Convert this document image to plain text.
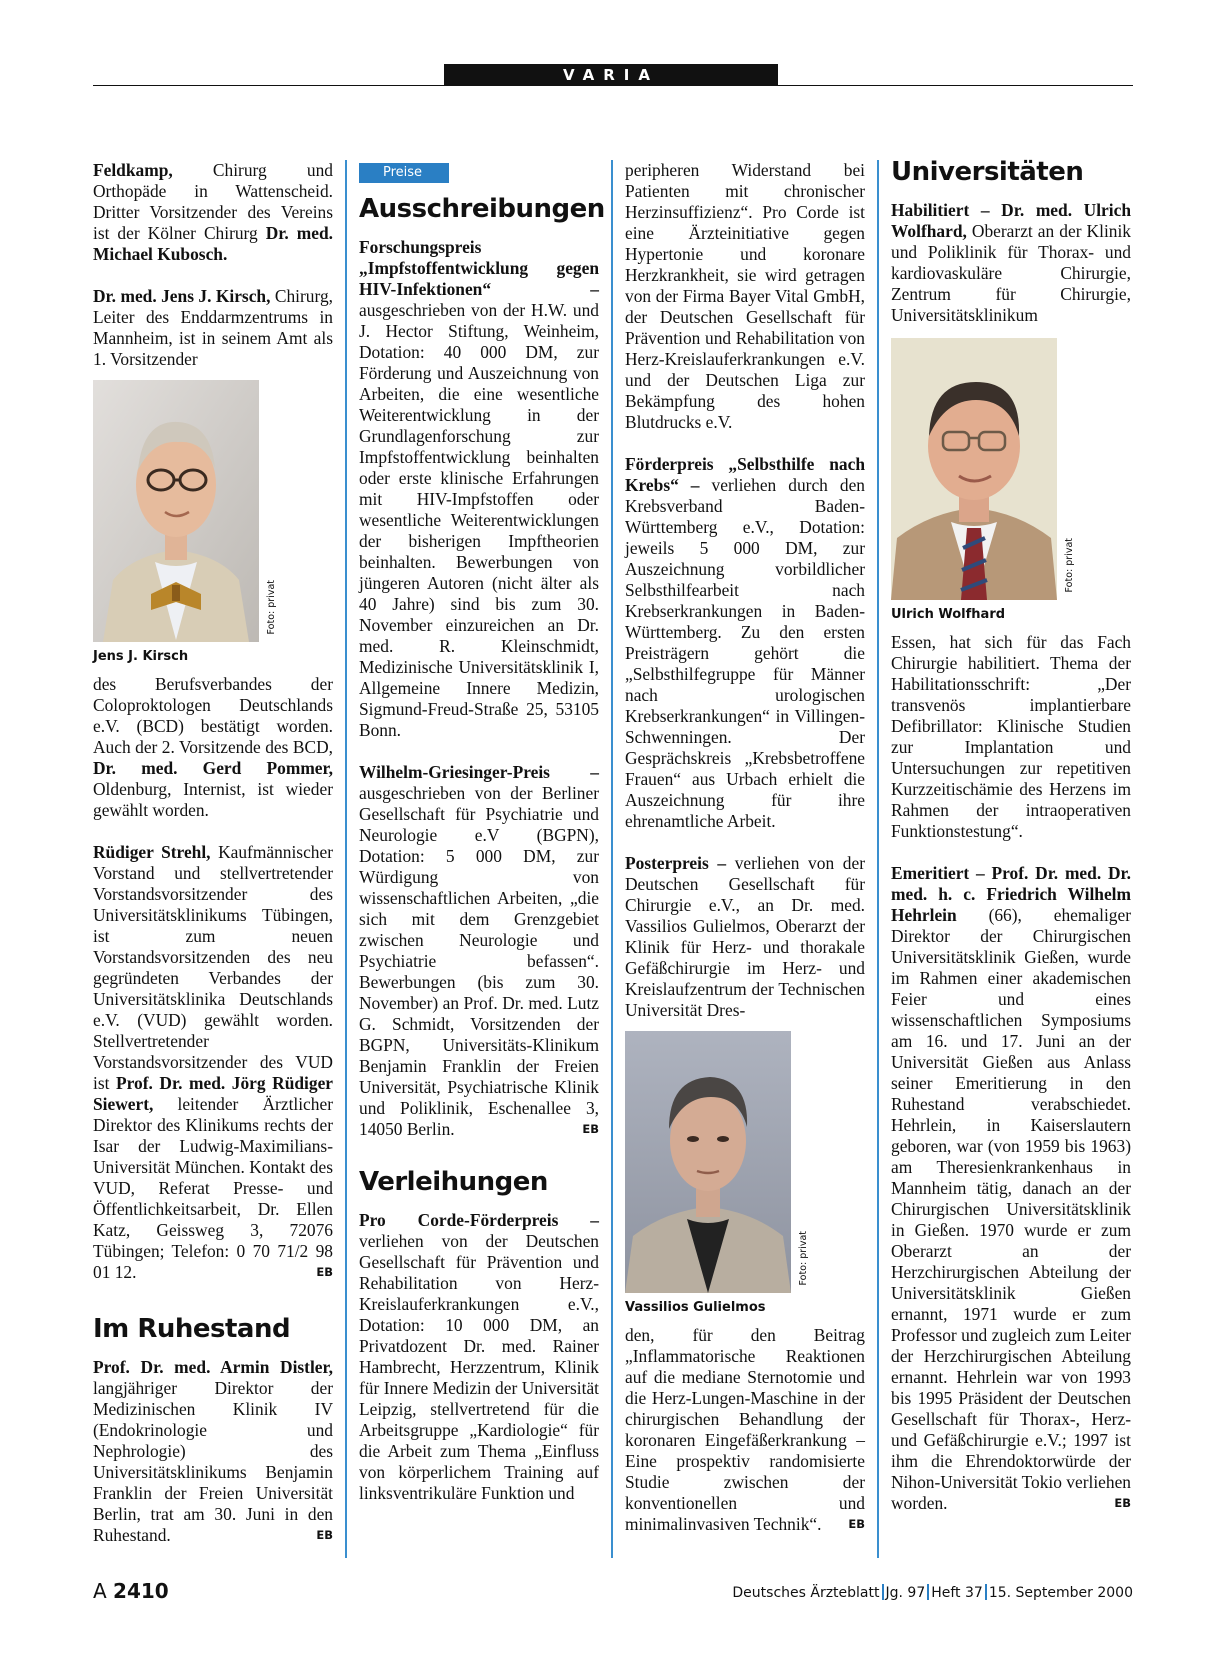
VARIA

Feldkamp, Chirurg und Orthopäde in Wattenscheid. Dritter Vorsitzender des Vereins ist der Kölner Chirurg Dr. med. Michael Kubosch.

Dr. med. Jens J. Kirsch, Chirurg, Leiter des Enddarmzentrums in Mannheim, ist in seinem Amt als 1. Vorsitzender

Foto: privat
Jens J. Kirsch

des Berufsverbandes der Coloproktologen Deutschlands e.V. (BCD) bestätigt worden. Auch der 2. Vorsitzende des BCD, Dr. med. Gerd Pommer, Oldenburg, Internist, ist wieder gewählt worden.

Rüdiger Strehl, Kaufmännischer Vorstand und stellvertretender Vorstandsvorsitzender des Universitätsklinikums Tübingen, ist zum neuen Vorstandsvorsitzenden des neu gegründeten Verbandes der Universitätsklinika Deutschlands e.V. (VUD) gewählt worden. Stellvertretender Vorstandsvorsitzender des VUD ist Prof. Dr. med. Jörg Rüdiger Siewert, leitender Ärztlicher Direktor des Klinikums rechts der Isar der Ludwig-Maximilians-Universität München. Kontakt des VUD, Referat Presse- und Öffentlichkeitsarbeit, Dr. Ellen Katz, Geissweg 3, 72076 Tübingen; Telefon: 0 70 71/2 98 01 12.	EB

Im Ruhestand

Prof. Dr. med. Armin Distler, langjähriger Direktor der Medizinischen Klinik IV (Endokrinologie und Nephrologie) des Universitätsklinikums Benjamin Franklin der Freien Universität Berlin, trat am 30. Juni in den Ruhestand.	EB

Preise
Ausschreibungen

Forschungspreis „Impfstoffentwicklung gegen HIV-Infektionen“ – ausgeschrieben von der H.W. und J. Hector Stiftung, Weinheim, Dotation: 40 000 DM, zur Förderung und Auszeichnung von Arbeiten, die eine wesentliche Weiterentwicklung in der Grundlagenforschung zur Impfstoffentwicklung beinhalten oder erste klinische Erfahrungen mit HIV-Impfstoffen oder wesentliche Weiterentwicklungen der bisherigen Impftheorien beinhalten. Bewerbungen von jüngeren Autoren (nicht älter als 40 Jahre) sind bis zum 30. November einzureichen an Dr. med. R. Kleinschmidt, Medizinische Universitätsklinik I, Allgemeine Innere Medizin, Sigmund-Freud-Straße 25, 53105 Bonn.

Wilhelm-Griesinger-Preis – ausgeschrieben von der Berliner Gesellschaft für Psychiatrie und Neurologie e.V (BGPN), Dotation: 5 000 DM, zur Würdigung von wissenschaftlichen Arbeiten, „die sich mit dem Grenzgebiet zwischen Neurologie und Psychiatrie befassen“. Bewerbungen (bis zum 30. November) an Prof. Dr. med. Lutz G. Schmidt, Vorsitzenden der BGPN, Universitäts-Klinikum Benjamin Franklin der Freien Universität, Psychiatrische Klinik und Poliklinik, Eschenallee 3, 14050 Berlin.	EB

Verleihungen

Pro Corde-Förderpreis – verliehen von der Deutschen Gesellschaft für Prävention und Rehabilitation von Herz-Kreislauferkrankungen e.V., Dotation: 10 000 DM, an Privatdozent Dr. med. Rainer Hambrecht, Herzzentrum, Klinik für Innere Medizin der Universität Leipzig, stellvertretend für die Arbeitsgruppe „Kardiologie“ für die Arbeit zum Thema „Einfluss von körperlichem Training auf linksventrikuläre Funktion und

peripheren Widerstand bei Patienten mit chronischer Herzinsuffizienz“. Pro Corde ist eine Ärzteinitiative gegen Hypertonie und koronare Herzkrankheit, sie wird getragen von der Firma Bayer Vital GmbH, der Deutschen Gesellschaft für Prävention und Rehabilitation von Herz-Kreislauferkrankungen e.V. und der Deutschen Liga zur Bekämpfung des hohen Blutdrucks e.V.

Förderpreis „Selbsthilfe nach Krebs“ – verliehen durch den Krebsverband Baden-Württemberg e.V., Dotation: jeweils 5 000 DM, zur Auszeichnung vorbildlicher Selbsthilfearbeit nach Krebserkrankungen in Baden-Württemberg. Zu den ersten Preisträgern gehört die „Selbsthilfegruppe für Männer nach urologischen Krebserkrankungen“ in Villingen-Schwenningen. Der Gesprächskreis „Krebsbetroffene Frauen“ aus Urbach erhielt die Auszeichnung für ihre ehrenamtliche Arbeit.

Posterpreis – verliehen von der Deutschen Gesellschaft für Chirurgie e.V., an Dr. med. Vassilios Gulielmos, Oberarzt der Klinik für Herz- und thorakale Gefäßchirurgie im Herz- und Kreislaufzentrum der Technischen Universität Dres-

Foto: privat
Vassilios Gulielmos

den, für den Beitrag „Inflammatorische Reaktionen auf die mediane Sternotomie und die Herz-Lungen-Maschine in der chirurgischen Behandlung der koronaren Eingefäßerkrankung – Eine prospektiv randomisierte Studie zwischen der konventionellen und minimalinvasiven Technik“. EB

Universitäten

Habilitiert – Dr. med. Ulrich Wolfhard, Oberarzt an der Klinik und Poliklinik für Thorax- und kardiovaskuläre Chirurgie, Zentrum für Chirurgie, Universitätsklinikum

Foto: privat
Ulrich Wolfhard

Essen, hat sich für das Fach Chirurgie habilitiert. Thema der Habilitationsschrift: „Der transvenös implantierbare Defibrillator: Klinische Studien zur Implantation und Untersuchungen zur repetitiven Kurzzeitischämie des Herzens im Rahmen der intraoperativen Funktionstestung“.

Emeritiert – Prof. Dr. med. Dr. med. h. c. Friedrich Wilhelm Hehrlein (66), ehemaliger Direktor der Chirurgischen Universitätsklinik Gießen, wurde im Rahmen einer akademischen Feier und eines wissenschaftlichen Symposiums am 16. und 17. Juni an der Universität Gießen aus Anlass seiner Emeritierung in den Ruhestand verabschiedet. Hehrlein, in Kaiserslautern geboren, war (von 1959 bis 1963) am Theresienkrankenhaus in Mannheim tätig, danach an der Chirurgischen Universitätsklinik in Gießen. 1970 wurde er zum Oberarzt an der Herzchirurgischen Abteilung der Universitätsklinik Gießen ernannt, 1971 wurde er zum Professor und zugleich zum Leiter der Herzchirurgischen Abteilung ernannt. Hehrlein war von 1993 bis 1995 Präsident der Deutschen Gesellschaft für Thorax-, Herz- und Gefäßchirurgie e.V.; 1997 ist ihm die Ehrendoktorwürde der Nihon-Universität Tokio verliehen worden.	EB

A 2410	Deutsches Ärzteblatt Jg. 97 Heft 37 15. September 2000
